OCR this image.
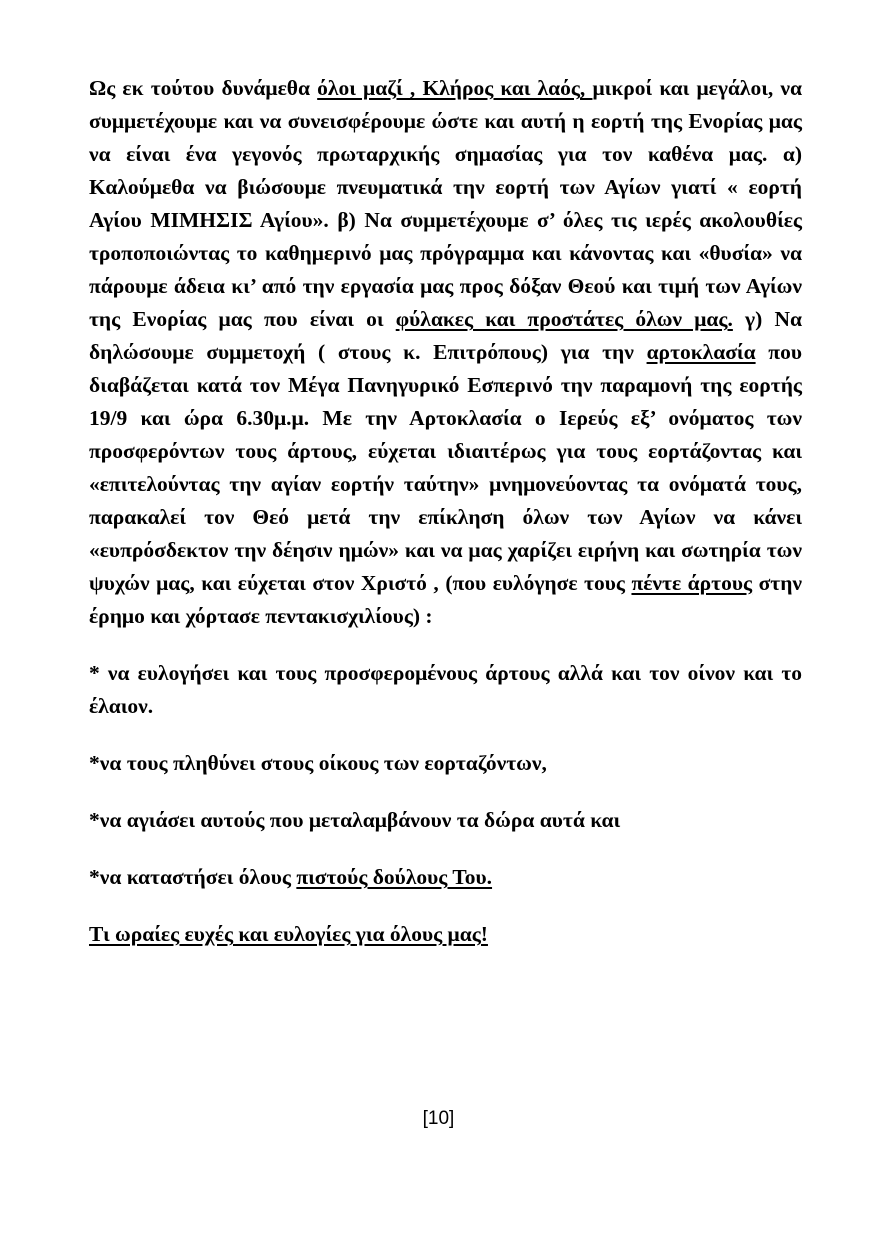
Ως εκ τούτου δυνάμεθα όλοι μαζί , Κλήρος και λαός, μικροί και μεγάλοι, να συμμετέχουμε και να συνεισφέρουμε ώστε και αυτή η εορτή της Ενορίας μας να είναι ένα γεγονός πρωταρχικής σημασίας για τον καθένα μας. α) Καλούμεθα να βιώσουμε πνευματικά την εορτή των Αγίων γιατί « εορτή Αγίου ΜΙΜΗΣΙΣ Αγίου». β) Να συμμετέχουμε σ’ όλες τις ιερές ακολουθίες τροποποιώντας το καθημερινό μας πρόγραμμα και κάνοντας και «θυσία» να πάρουμε άδεια κι’ από την εργασία μας προς δόξαν Θεού και τιμή των Αγίων της Ενορίας μας που είναι οι φύλακες και προστάτες όλων μας. γ) Να δηλώσουμε συμμετοχή ( στους κ. Επιτρόπους) για την αρτοκλασία που διαβάζεται κατά τον Μέγα Πανηγυρικό Εσπερινό την παραμονή της εορτής 19/9 και ώρα 6.30μ.μ. Με την Αρτοκλασία ο Ιερεύς εξ’ ονόματος των προσφερόντων τους άρτους, εύχεται ιδιαιτέρως για τους εορτάζοντας και «επιτελούντας την αγίαν εορτήν ταύτην» μνημονεύοντας τα ονόματά τους, παρακαλεί τον Θεό μετά την επίκληση όλων των Αγίων να κάνει «ευπρόσδεκτον την δέησιν ημών» και να μας χαρίζει ειρήνη και σωτηρία των ψυχών μας, και εύχεται στον Χριστό , (που ευλόγησε τους πέντε άρτους στην έρημο και χόρτασε πεντακισχιλίους) :

* να ευλογήσει και τους προσφερομένους άρτους αλλά και τον οίνον και το έλαιον.

*να τους πληθύνει στους οίκους των εορταζόντων,

*να αγιάσει αυτούς που μεταλαμβάνουν τα δώρα αυτά και

*να καταστήσει όλους πιστούς δούλους Του.

Τι ωραίες ευχές και ευλογίες για όλους μας!

[10]
